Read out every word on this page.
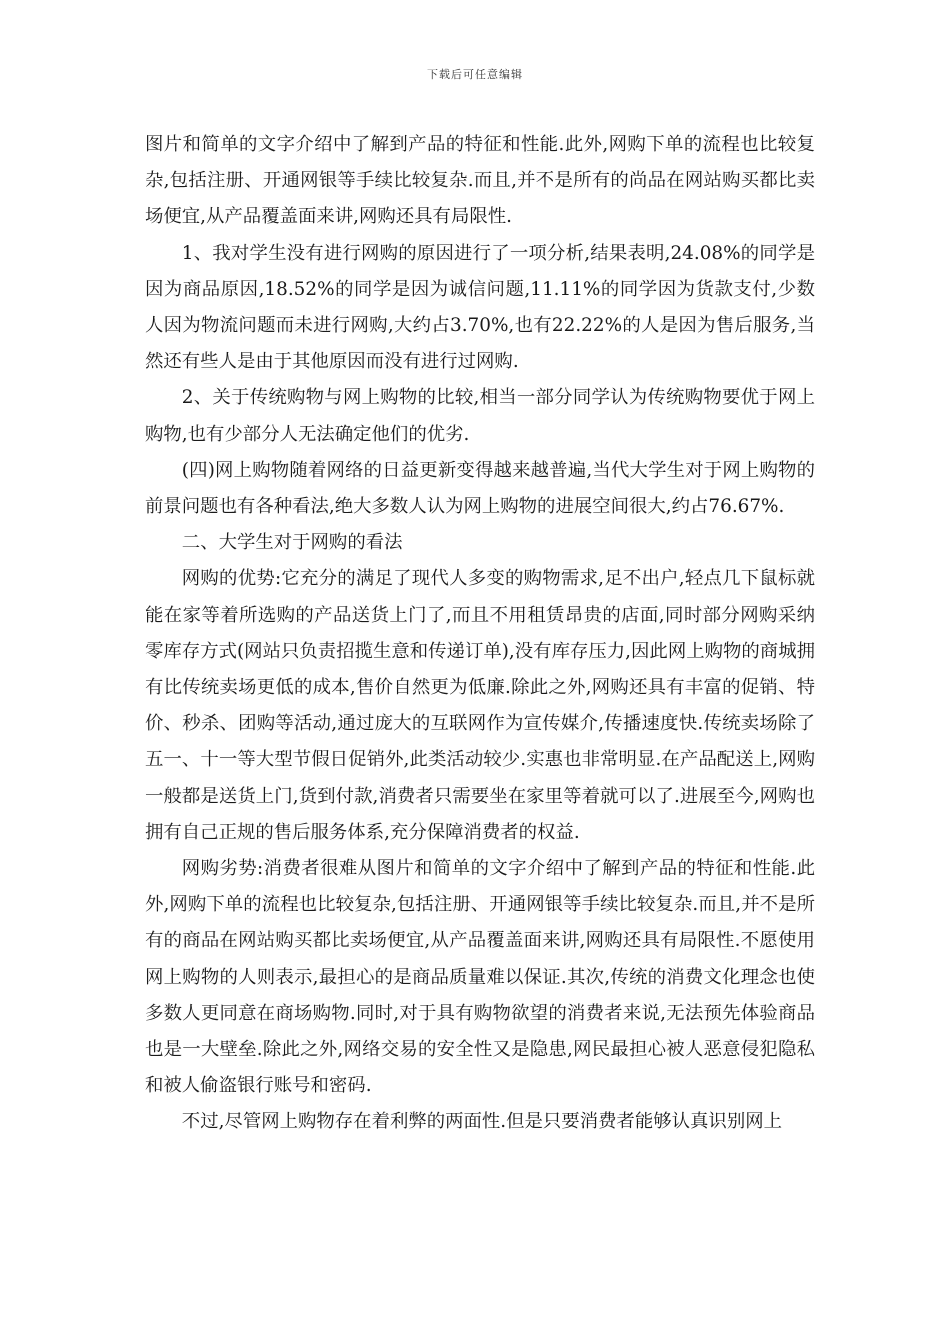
下载后可任意编辑

图片和简单的文字介绍中了解到产品的特征和性能.此外,网购下单的流程也比较复杂,包括注册、开通网银等手续比较复杂.而且,并不是所有的尚品在网站购买都比卖场便宜,从产品覆盖面来讲,网购还具有局限性.

1、我对学生没有进行网购的原因进行了一项分析,结果表明,24.08%的同学是因为商品原因,18.52%的同学是因为诚信问题,11.11%的同学因为货款支付,少数人因为物流问题而未进行网购,大约占3.70%,也有22.22%的人是因为售后服务,当然还有些人是由于其他原因而没有进行过网购.

2、关于传统购物与网上购物的比较,相当一部分同学认为传统购物要优于网上购物,也有少部分人无法确定他们的优劣.

(四)网上购物随着网络的日益更新变得越来越普遍,当代大学生对于网上购物的前景问题也有各种看法,绝大多数人认为网上购物的进展空间很大,约占76.67%.

二、大学生对于网购的看法

网购的优势:它充分的满足了现代人多变的购物需求,足不出户,轻点几下鼠标就能在家等着所选购的产品送货上门了,而且不用租赁昂贵的店面,同时部分网购采纳零库存方式(网站只负责招揽生意和传递订单),没有库存压力,因此网上购物的商城拥有比传统卖场更低的成本,售价自然更为低廉.除此之外,网购还具有丰富的促销、特价、秒杀、团购等活动,通过庞大的互联网作为宣传媒介,传播速度快.传统卖场除了五一、十一等大型节假日促销外,此类活动较少.实惠也非常明显.在产品配送上,网购一般都是送货上门,货到付款,消费者只需要坐在家里等着就可以了.进展至今,网购也拥有自己正规的售后服务体系,充分保障消费者的权益.

网购劣势:消费者很难从图片和简单的文字介绍中了解到产品的特征和性能.此外,网购下单的流程也比较复杂,包括注册、开通网银等手续比较复杂.而且,并不是所有的商品在网站购买都比卖场便宜,从产品覆盖面来讲,网购还具有局限性.不愿使用网上购物的人则表示,最担心的是商品质量难以保证.其次,传统的消费文化理念也使多数人更同意在商场购物.同时,对于具有购物欲望的消费者来说,无法预先体验商品也是一大壁垒.除此之外,网络交易的安全性又是隐患,网民最担心被人恶意侵犯隐私和被人偷盗银行账号和密码.

不过,尽管网上购物存在着利弊的两面性.但是只要消费者能够认真识别网上
